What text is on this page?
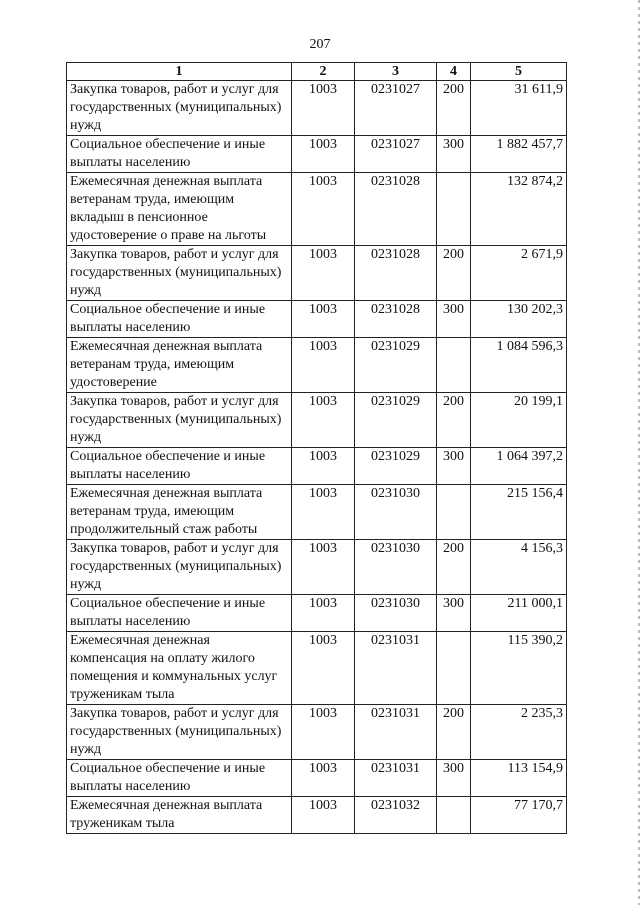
207
1	2	3	4	5
Закупка товаров, работ и услуг для государственных (муниципальных) нужд	1003	0231027	200	31 611,9
Социальное обеспечение и иные выплаты населению	1003	0231027	300	1 882 457,7
Ежемесячная денежная выплата ветеранам труда, имеющим вкладыш в пенсионное удостоверение о праве на льготы	1003	0231028		132 874,2
Закупка товаров, работ и услуг для государственных (муниципальных) нужд	1003	0231028	200	2 671,9
Социальное обеспечение и иные выплаты населению	1003	0231028	300	130 202,3
Ежемесячная денежная выплата ветеранам труда, имеющим удостоверение	1003	0231029		1 084 596,3
Закупка товаров, работ и услуг для государственных (муниципальных) нужд	1003	0231029	200	20 199,1
Социальное обеспечение и иные выплаты населению	1003	0231029	300	1 064 397,2
Ежемесячная денежная выплата ветеранам труда, имеющим продолжительный стаж работы	1003	0231030		215 156,4
Закупка товаров, работ и услуг для государственных (муниципальных) нужд	1003	0231030	200	4 156,3
Социальное обеспечение и иные выплаты населению	1003	0231030	300	211 000,1
Ежемесячная денежная компенсация на оплату жилого помещения и коммунальных услуг труженикам тыла	1003	0231031		115 390,2
Закупка товаров, работ и услуг для государственных (муниципальных) нужд	1003	0231031	200	2 235,3
Социальное обеспечение и иные выплаты населению	1003	0231031	300	113 154,9
Ежемесячная денежная выплата труженикам тыла	1003	0231032		77 170,7
